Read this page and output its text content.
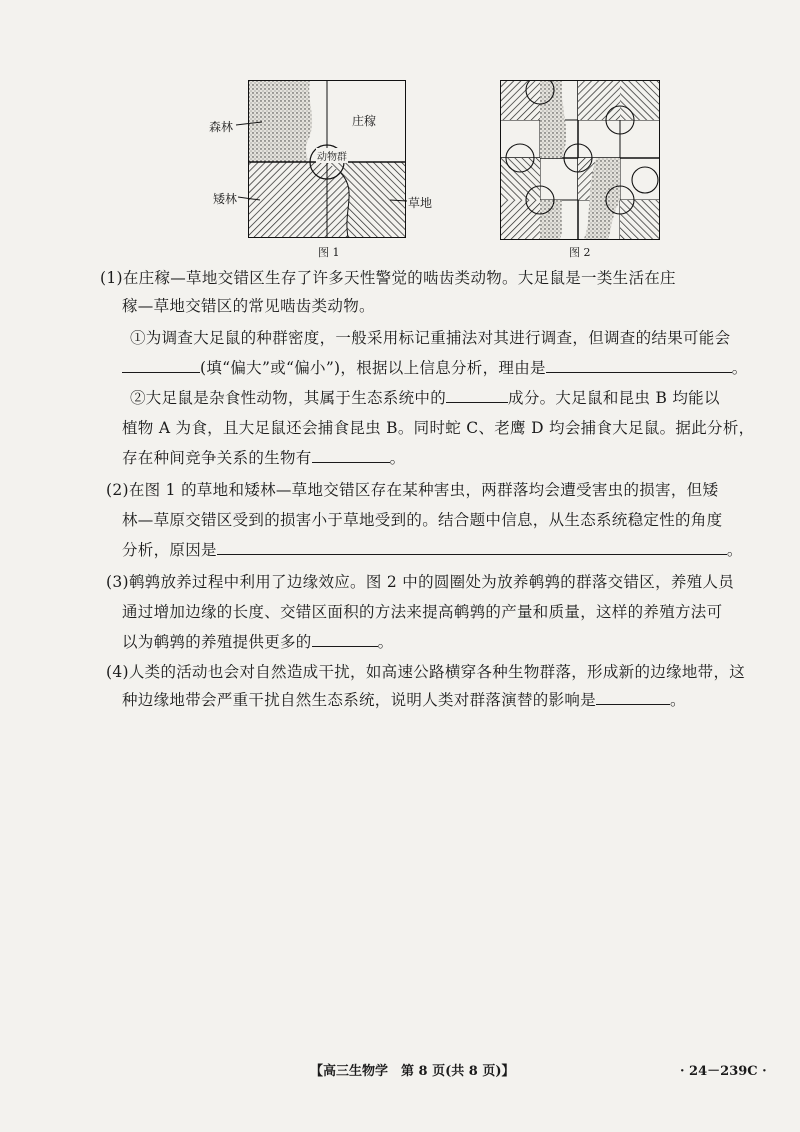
森林	庄稼
动物群
矮林	草地
图 1	图 2
(1)在庄稼—草地交错区生存了许多天性警觉的啮齿类动物。大足鼠是一类生活在庄
稼—草地交错区的常见啮齿类动物。
①为调查大足鼠的种群密度，一般采用标记重捕法对其进行调查，但调查的结果可能会
(填“偏大”或“偏小”)，根据以上信息分析，理由是	。
②大足鼠是杂食性动物，其属于生态系统中的	成分。大足鼠和昆虫 B 均能以
植物 A 为食，且大足鼠还会捕食昆虫 B。同时蛇 C、老鹰 D 均会捕食大足鼠。据此分析，
存在种间竞争关系的生物有	。
(2)在图 1 的草地和矮林—草地交错区存在某种害虫，两群落均会遭受害虫的损害，但矮
林—草原交错区受到的损害小于草地受到的。结合题中信息，从生态系统稳定性的角度
分析，原因是	。
(3)鹌鹑放养过程中利用了边缘效应。图 2 中的圆圈处为放养鹌鹑的群落交错区，养殖人员
通过增加边缘的长度、交错区面积的方法来提高鹌鹑的产量和质量，这样的养殖方法可
以为鹌鹑的养殖提供更多的	。
(4)人类的活动也会对自然造成干扰，如高速公路横穿各种生物群落，形成新的边缘地带，这
种边缘地带会严重干扰自然生态系统，说明人类对群落演替的影响是	。
【高三生物学　第 8 页(共 8 页)】	· 24－239C ·
